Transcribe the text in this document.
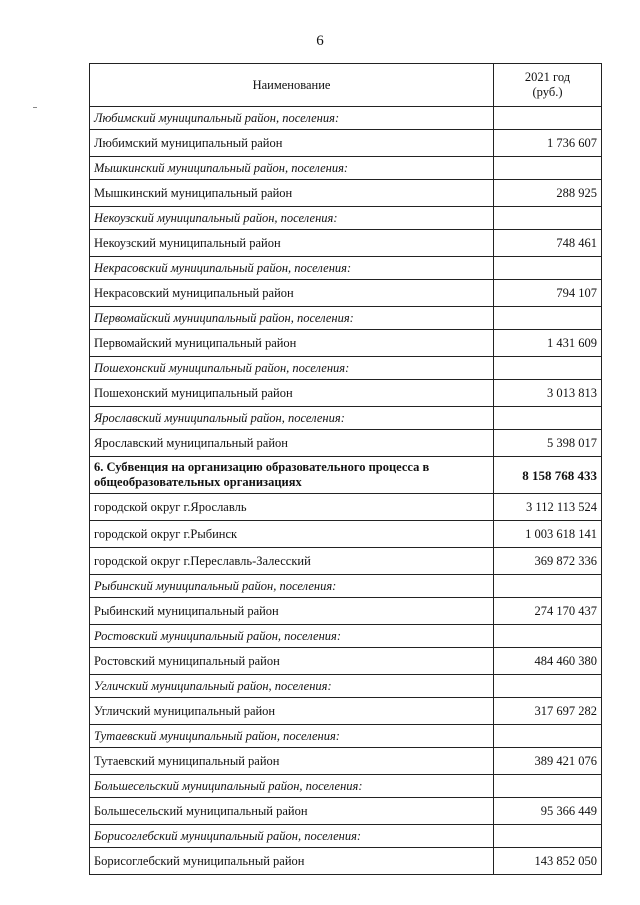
6
Наименование	2021 год
(руб.)
Любимский муниципальный район, поселения:	
Любимский муниципальный район	1 736 607
Мышкинский муниципальный район, поселения:	
Мышкинский муниципальный район	288 925
Некоузский муниципальный район, поселения:	
Некоузский муниципальный район	748 461
Некрасовский муниципальный район, поселения:	
Некрасовский муниципальный район	794 107
Первомайский муниципальный район, поселения:	
Первомайский муниципальный район	1 431 609
Пошехонский муниципальный район, поселения:	
Пошехонский муниципальный район	3 013 813
Ярославский муниципальный район, поселения:	
Ярославский муниципальный район	5 398 017
6. Субвенция на организацию образовательного процесса в общеобразовательных организациях	8 158 768 433
городской округ г.Ярославль	3 112 113 524
городской округ г.Рыбинск	1 003 618 141
городской округ г.Переславль-Залесский	369 872 336
Рыбинский муниципальный район, поселения:	
Рыбинский муниципальный район	274 170 437
Ростовский муниципальный район, поселения:	
Ростовский муниципальный район	484 460 380
Угличский муниципальный район, поселения:	
Угличский муниципальный район	317 697 282
Тутаевский муниципальный район, поселения:	
Тутаевский муниципальный район	389 421 076
Большесельский муниципальный район, поселения:	
Большесельский муниципальный район	95 366 449
Борисоглебский муниципальный район, поселения:	
Борисоглебский муниципальный район	143 852 050
